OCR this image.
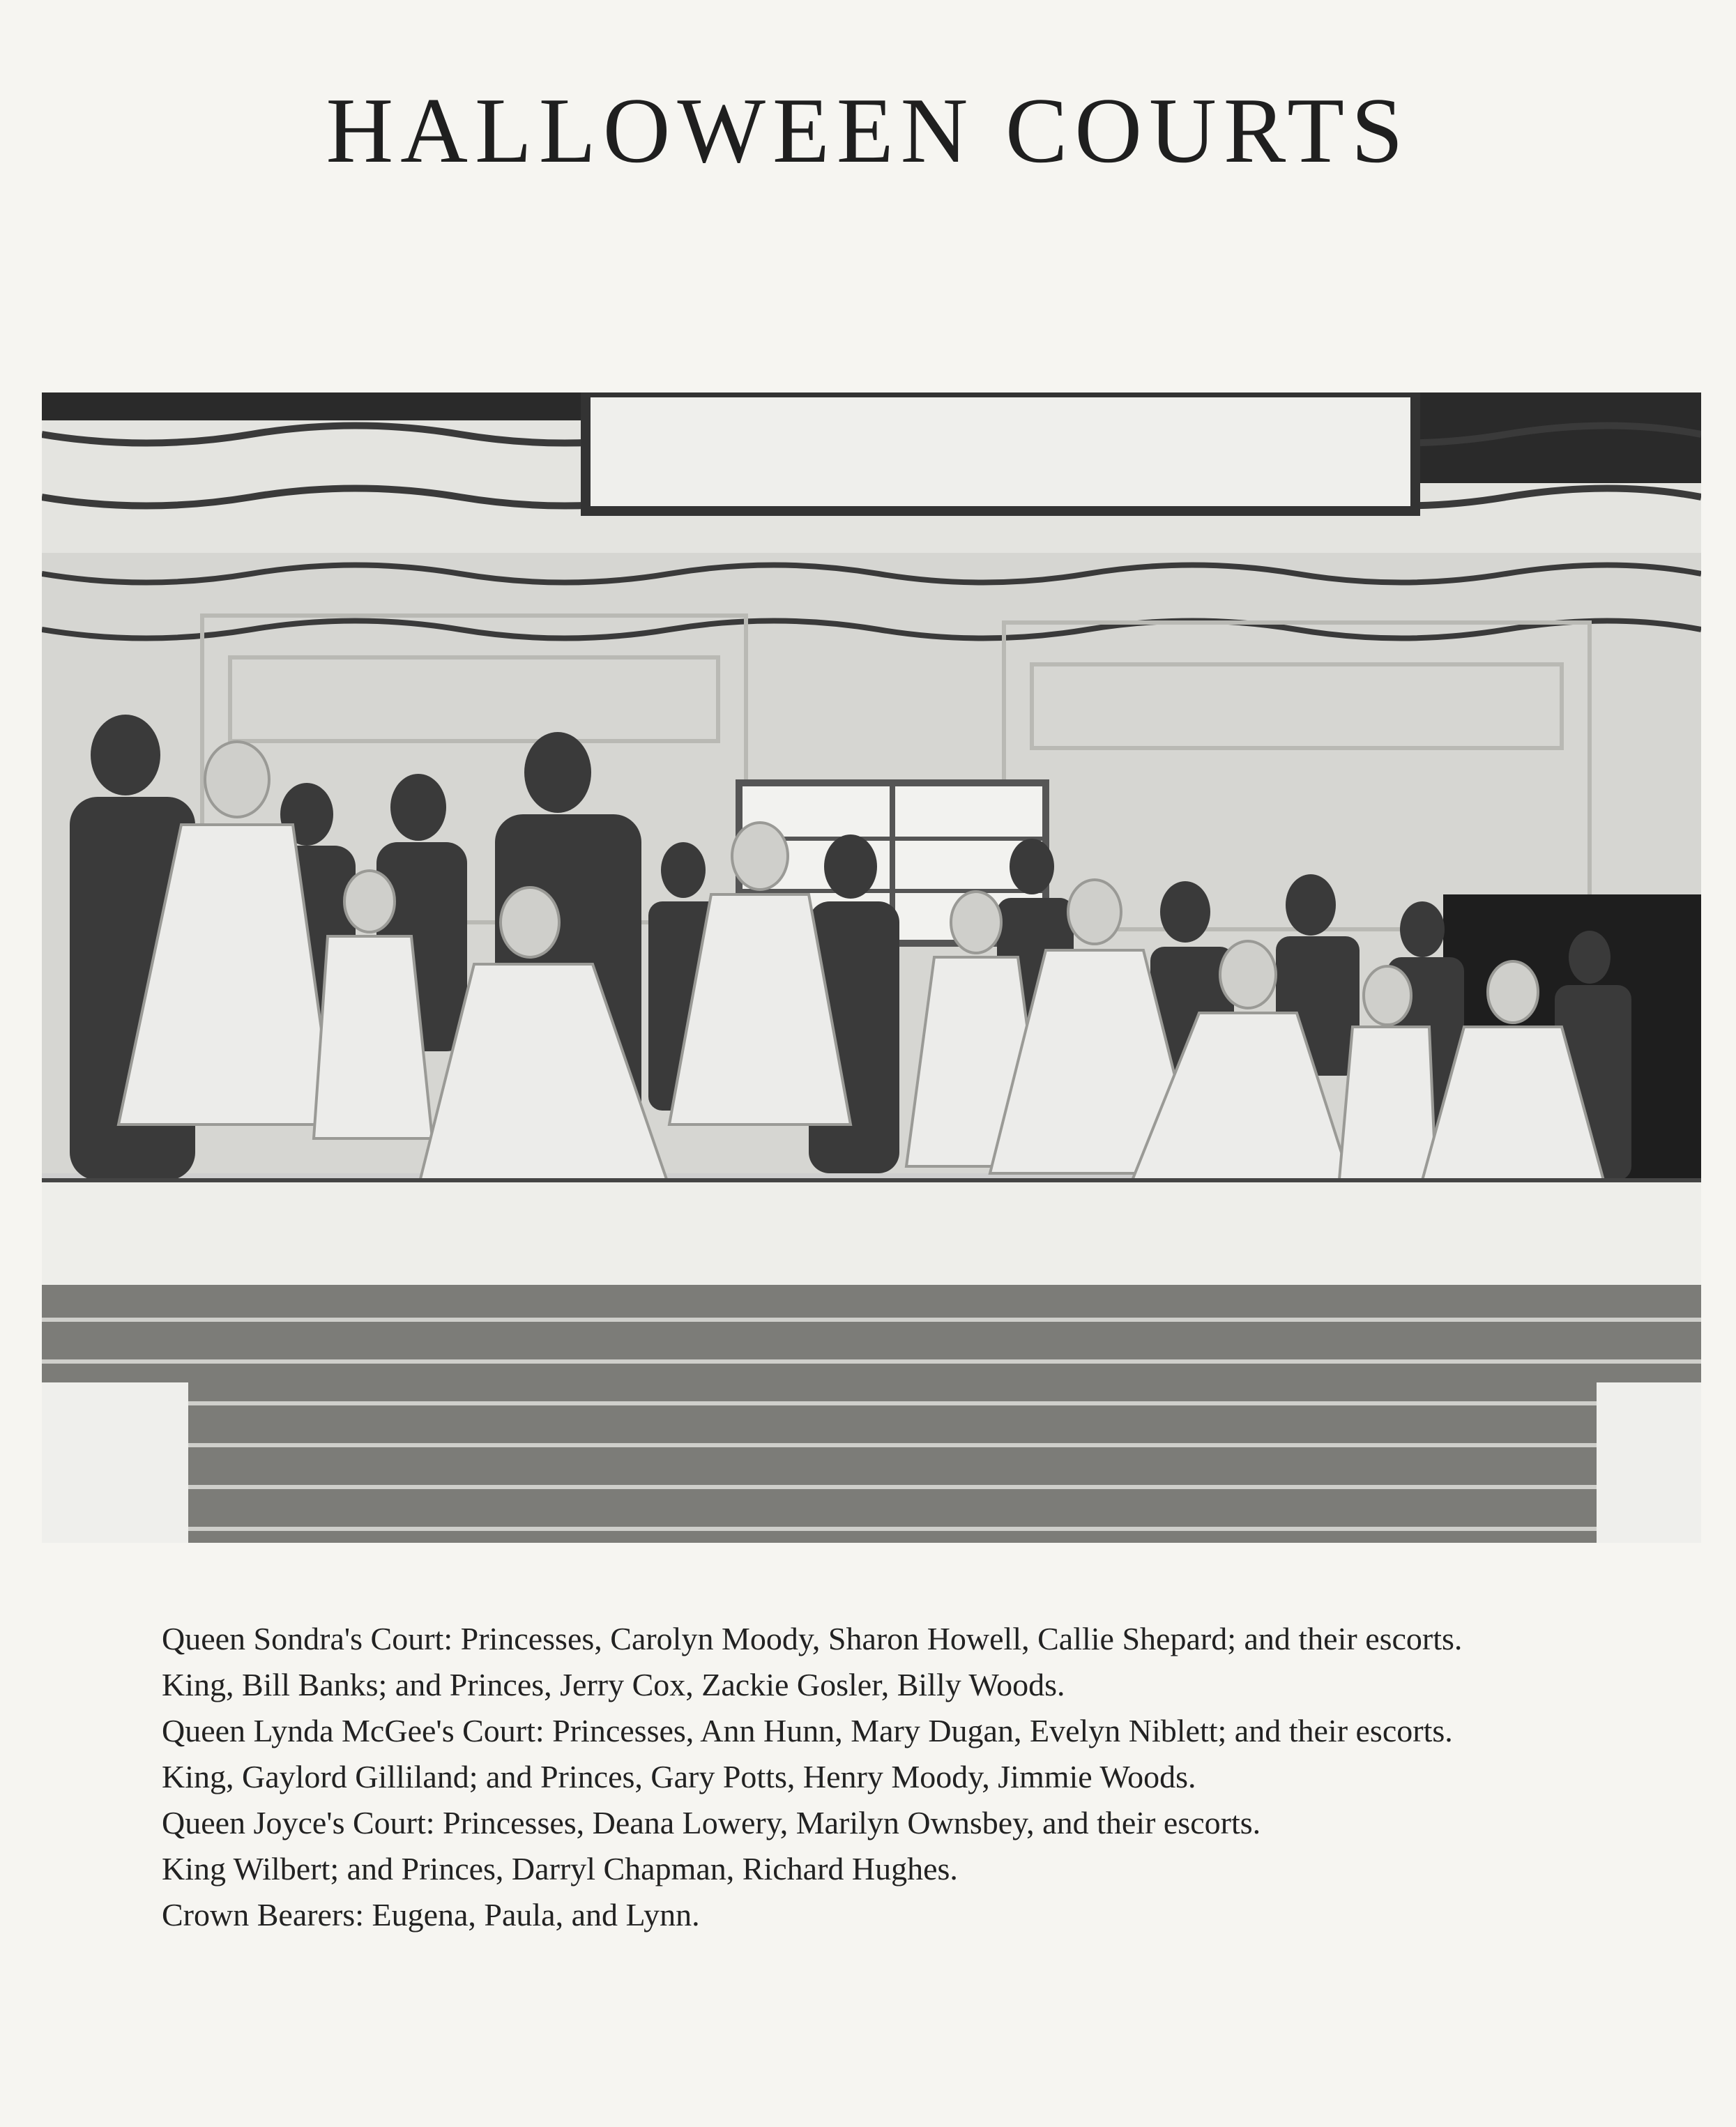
HALLOWEEN COURTS

Queen Sondra's Court: Princesses, Carolyn Moody, Sharon Howell, Callie Shepard; and their escorts.

King, Bill Banks; and Princes, Jerry Cox, Zackie Gosler, Billy Woods.

Queen Lynda McGee's Court: Princesses, Ann Hunn, Mary Dugan, Evelyn Niblett; and their escorts.

King, Gaylord Gilliland; and Princes, Gary Potts, Henry Moody, Jimmie Woods.

Queen Joyce's Court: Princesses, Deana Lowery, Marilyn Ownsbey, and their escorts.

King Wilbert; and Princes, Darryl Chapman, Richard Hughes.

Crown Bearers: Eugena, Paula, and Lynn.
